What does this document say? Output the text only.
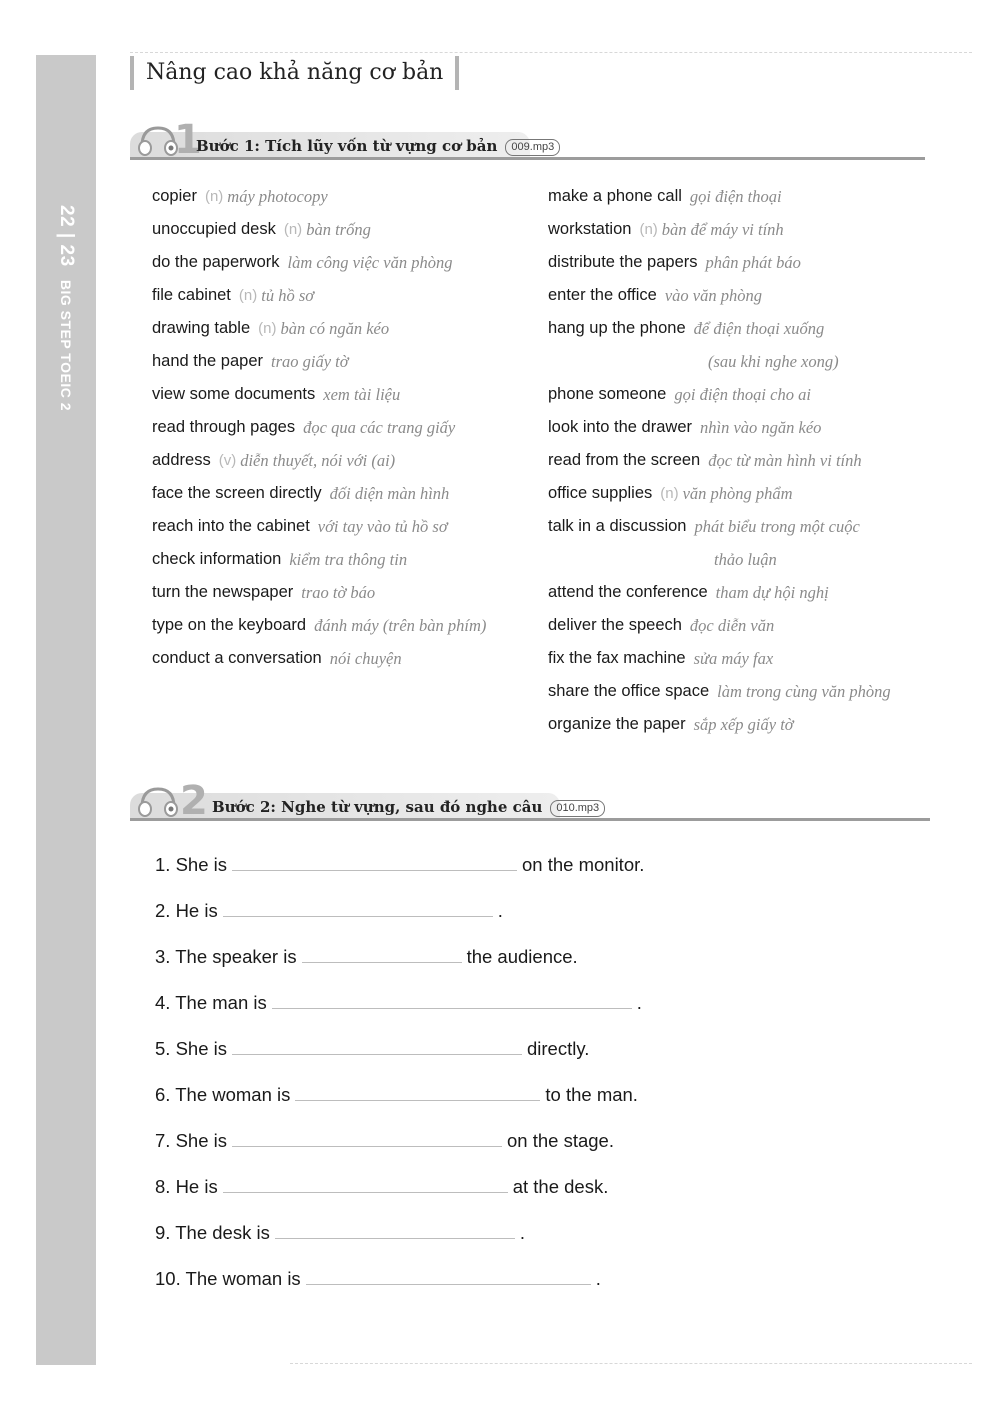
22 | 23   BIG STEP TOEIC 2
Nâng cao khả năng cơ bản
1
Bước 1: Tích lũy vốn từ vựng cơ bản 009.mp3
copier (n) máy photocopy
unoccupied desk (n) bàn trống
do the paperwork làm công việc văn phòng
file cabinet (n) tủ hồ sơ
drawing table (n) bàn có ngăn kéo
hand the paper trao giấy tờ
view some documents xem tài liệu
read through pages đọc qua các trang giấy
address (v) diễn thuyết, nói với (ai)
face the screen directly đối diện màn hình
reach into the cabinet với tay vào tủ hồ sơ
check information kiểm tra thông tin
turn the newspaper trao tờ báo
type on the keyboard đánh máy (trên bàn phím)
conduct a conversation nói chuyện
make a phone call gọi điện thoại
workstation (n) bàn để máy vi tính
distribute the papers phân phát báo
enter the office vào văn phòng
hang up the phone để điện thoại xuống
(sau khi nghe xong)
phone someone gọi điện thoại cho ai
look into the drawer nhìn vào ngăn kéo
read from the screen đọc từ màn hình vi tính
office supplies (n) văn phòng phẩm
talk in a discussion phát biểu trong một cuộc
thảo luận
attend the conference tham dự hội nghị
deliver the speech đọc diễn văn
fix the fax machine sửa máy fax
share the office space làm trong cùng văn phòng
organize the paper sắp xếp giấy tờ
2 Bước 2: Nghe từ vựng, sau đó nghe câu 010.mp3
1. She is	on the monitor.
2. He is	.
3. The speaker is	the audience.
4. The man is	.
5. She is	directly.
6. The woman is	to the man.
7. She is	on the stage.
8. He is	at the desk.
9. The desk is	.
10. The woman is	.
